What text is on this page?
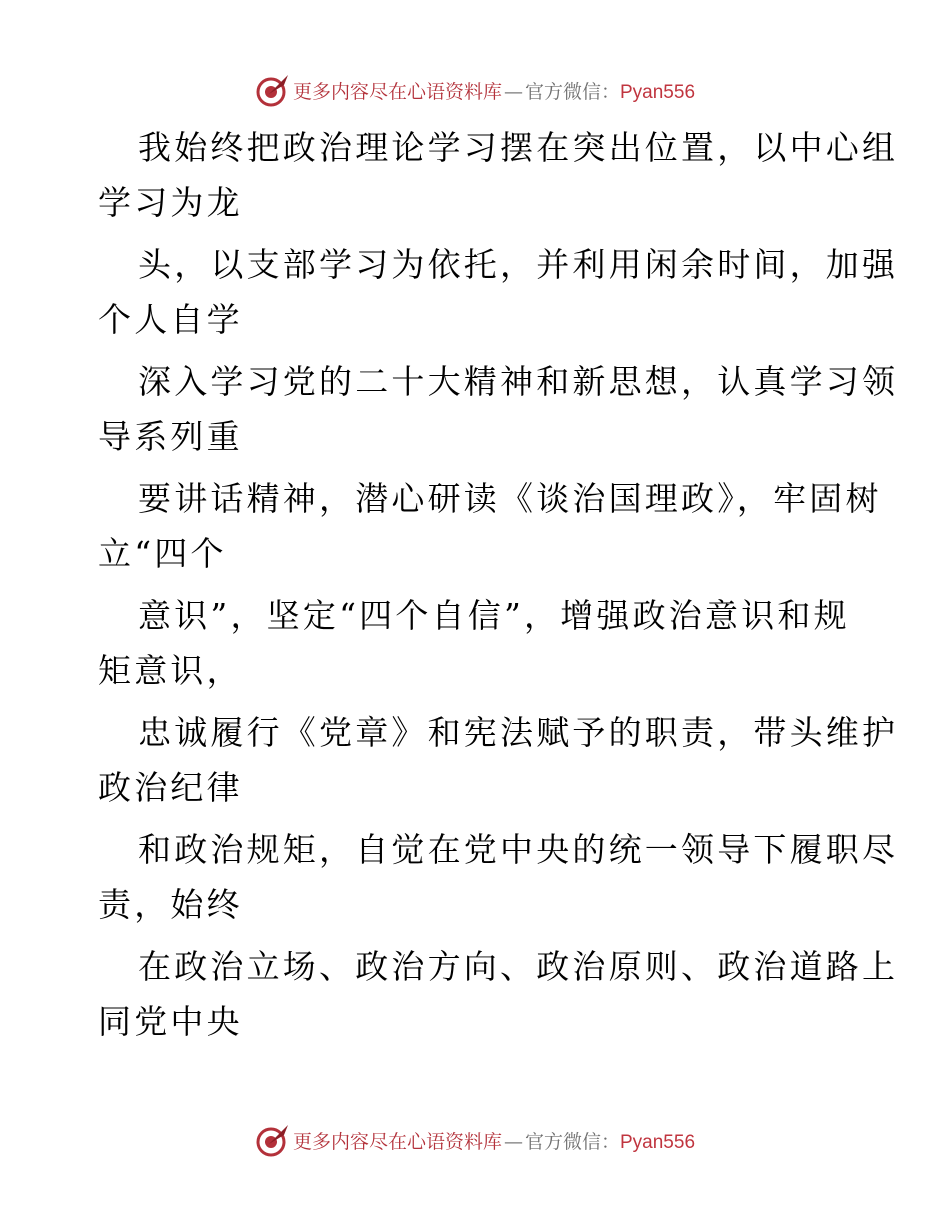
更多内容尽在心语资料库 — 官方微信：Pyan556
我始终把政治理论学习摆在突出位置，以中心组
学习为龙
头，以支部学习为依托，并利用闲余时间，加强
个人自学
深入学习党的二十大精神和新思想，认真学习领
导系列重
要讲话精神，潜心研读《谈治国理政》，牢固树
立“四个
意识”，坚定“四个自信”，增强政治意识和规
矩意识，
忠诚履行《党章》和宪法赋予的职责，带头维护
政治纪律
和政治规矩，自觉在党中央的统一领导下履职尽
责，始终
在政治立场、政治方向、政治原则、政治道路上
同党中央
更多内容尽在心语资料库 — 官方微信：Pyan556
